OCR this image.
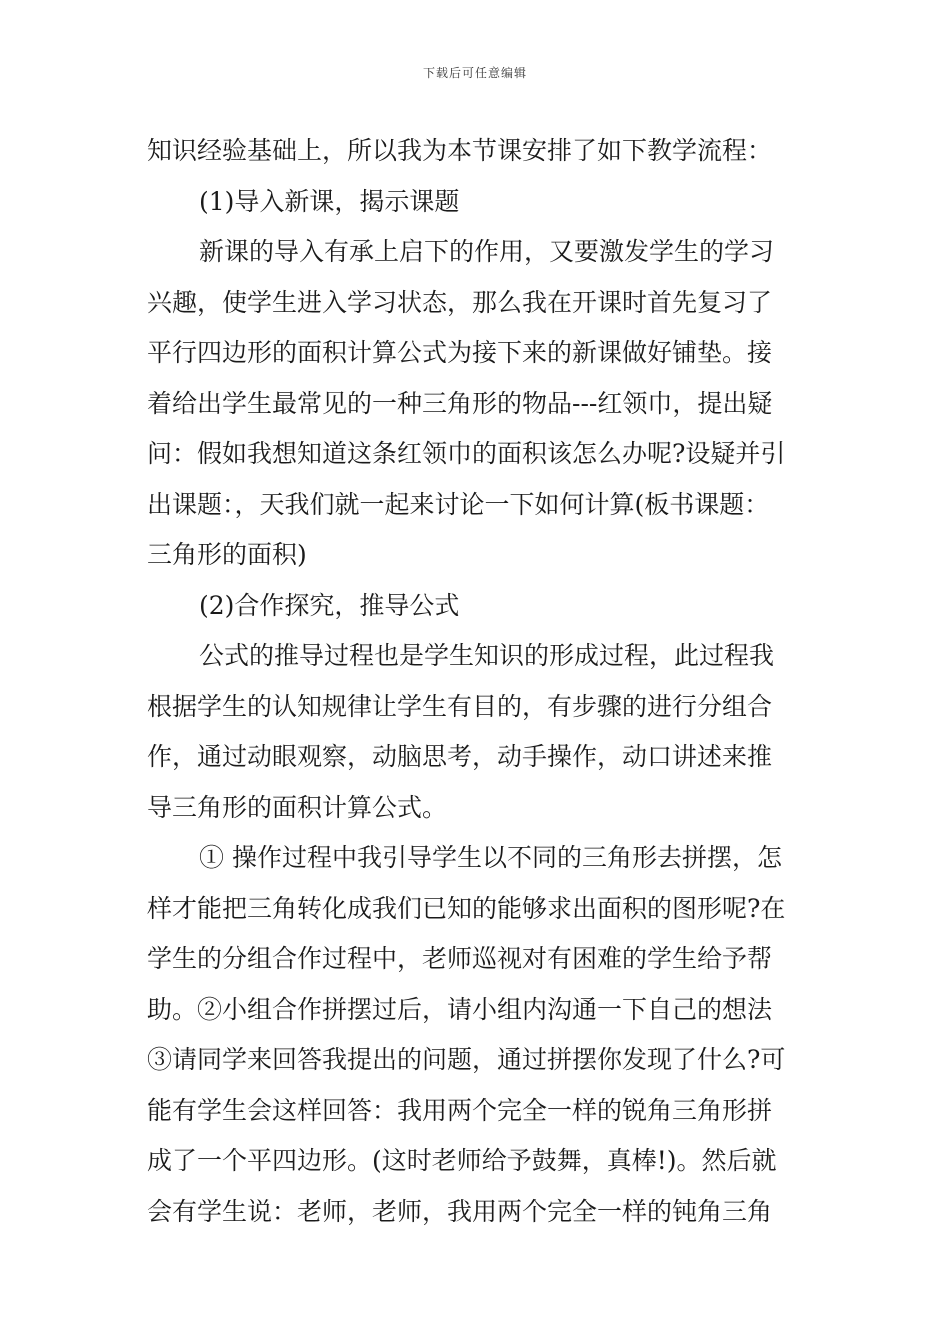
下载后可任意编辑
知识经验基础上，所以我为本节课安排了如下教学流程：
(1)导入新课，揭示课题
新课的导入有承上启下的作用，又要激发学生的学习
兴趣，使学生进入学习状态，那么我在开课时首先复习了
平行四边形的面积计算公式为接下来的新课做好铺垫。接
着给出学生最常见的一种三角形的物品---红领巾，提出疑
问：假如我想知道这条红领巾的面积该怎么办呢?设疑并引
出课题：，天我们就一起来讨论一下如何计算(板书课题：
三角形的面积)
(2)合作探究，推导公式
公式的推导过程也是学生知识的形成过程，此过程我
根据学生的认知规律让学生有目的，有步骤的进行分组合
作，通过动眼观察，动脑思考，动手操作，动口讲述来推
导三角形的面积计算公式。
① 操作过程中我引导学生以不同的三角形去拼摆，怎
样才能把三角转化成我们已知的能够求出面积的图形呢?在
学生的分组合作过程中，老师巡视对有困难的学生给予帮
助。②小组合作拼摆过后，请小组内沟通一下自己的想法
③请同学来回答我提出的问题，通过拼摆你发现了什么?可
能有学生会这样回答：我用两个完全一样的锐角三角形拼
成了一个平四边形。(这时老师给予鼓舞，真棒!)。然后就
会有学生说：老师，老师，我用两个完全一样的钝角三角
